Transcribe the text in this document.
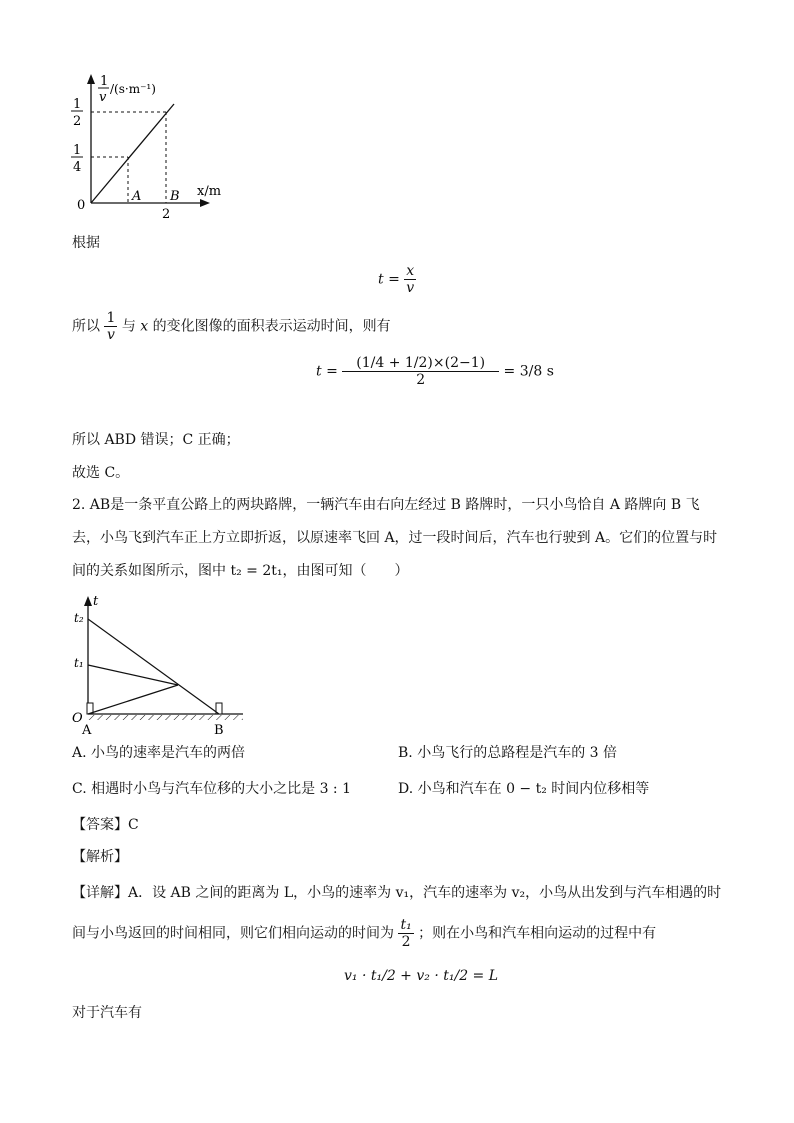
1
v
/(s·m⁻¹)
1
2
1
4
0
A B x/m
2
根据
$t = \frac{x}{v}$
所以 $\frac{1}{v}$ 与 x 的变化图像的面积表示运动时间，则有
$t = \frac{(1/4 + 1/2)\times(2-1)}{2} = 3/8$ s
所以 ABD 错误；C 正确；
故选 C。
2. AB是一条平直公路上的两块路牌，一辆汽车由右向左经过 B 路牌时，一只小鸟恰自 A 路牌向 B 飞
去，小鸟飞到汽车正上方立即折返，以原速率飞回 A，过一段时间后，汽车也行驶到 A。它们的位置与时
间的关系如图所示，图中 t₂ = 2t₁，由图可知（　　）
t
t₂
t₁
O
A	B
A. 小鸟的速率是汽车的两倍	B. 小鸟飞行的总路程是汽车的 3 倍
C. 相遇时小鸟与汽车位移的大小之比是 3 : 1	D. 小鸟和汽车在 0 − t₂ 时间内位移相等
【答案】C
【解析】
【详解】A．设 AB 之间的距离为 L，小鸟的速率为 v₁，汽车的速率为 v₂，小鸟从出发到与汽车相遇的时
间与小鸟返回的时间相同，则它们相向运动的时间为 $\frac{\text{t₁}}{2}$ ；则在小鸟和汽车相向运动的过程中有
v₁ · t₁/2 + v₂ · t₁/2 = L
对于汽车有
